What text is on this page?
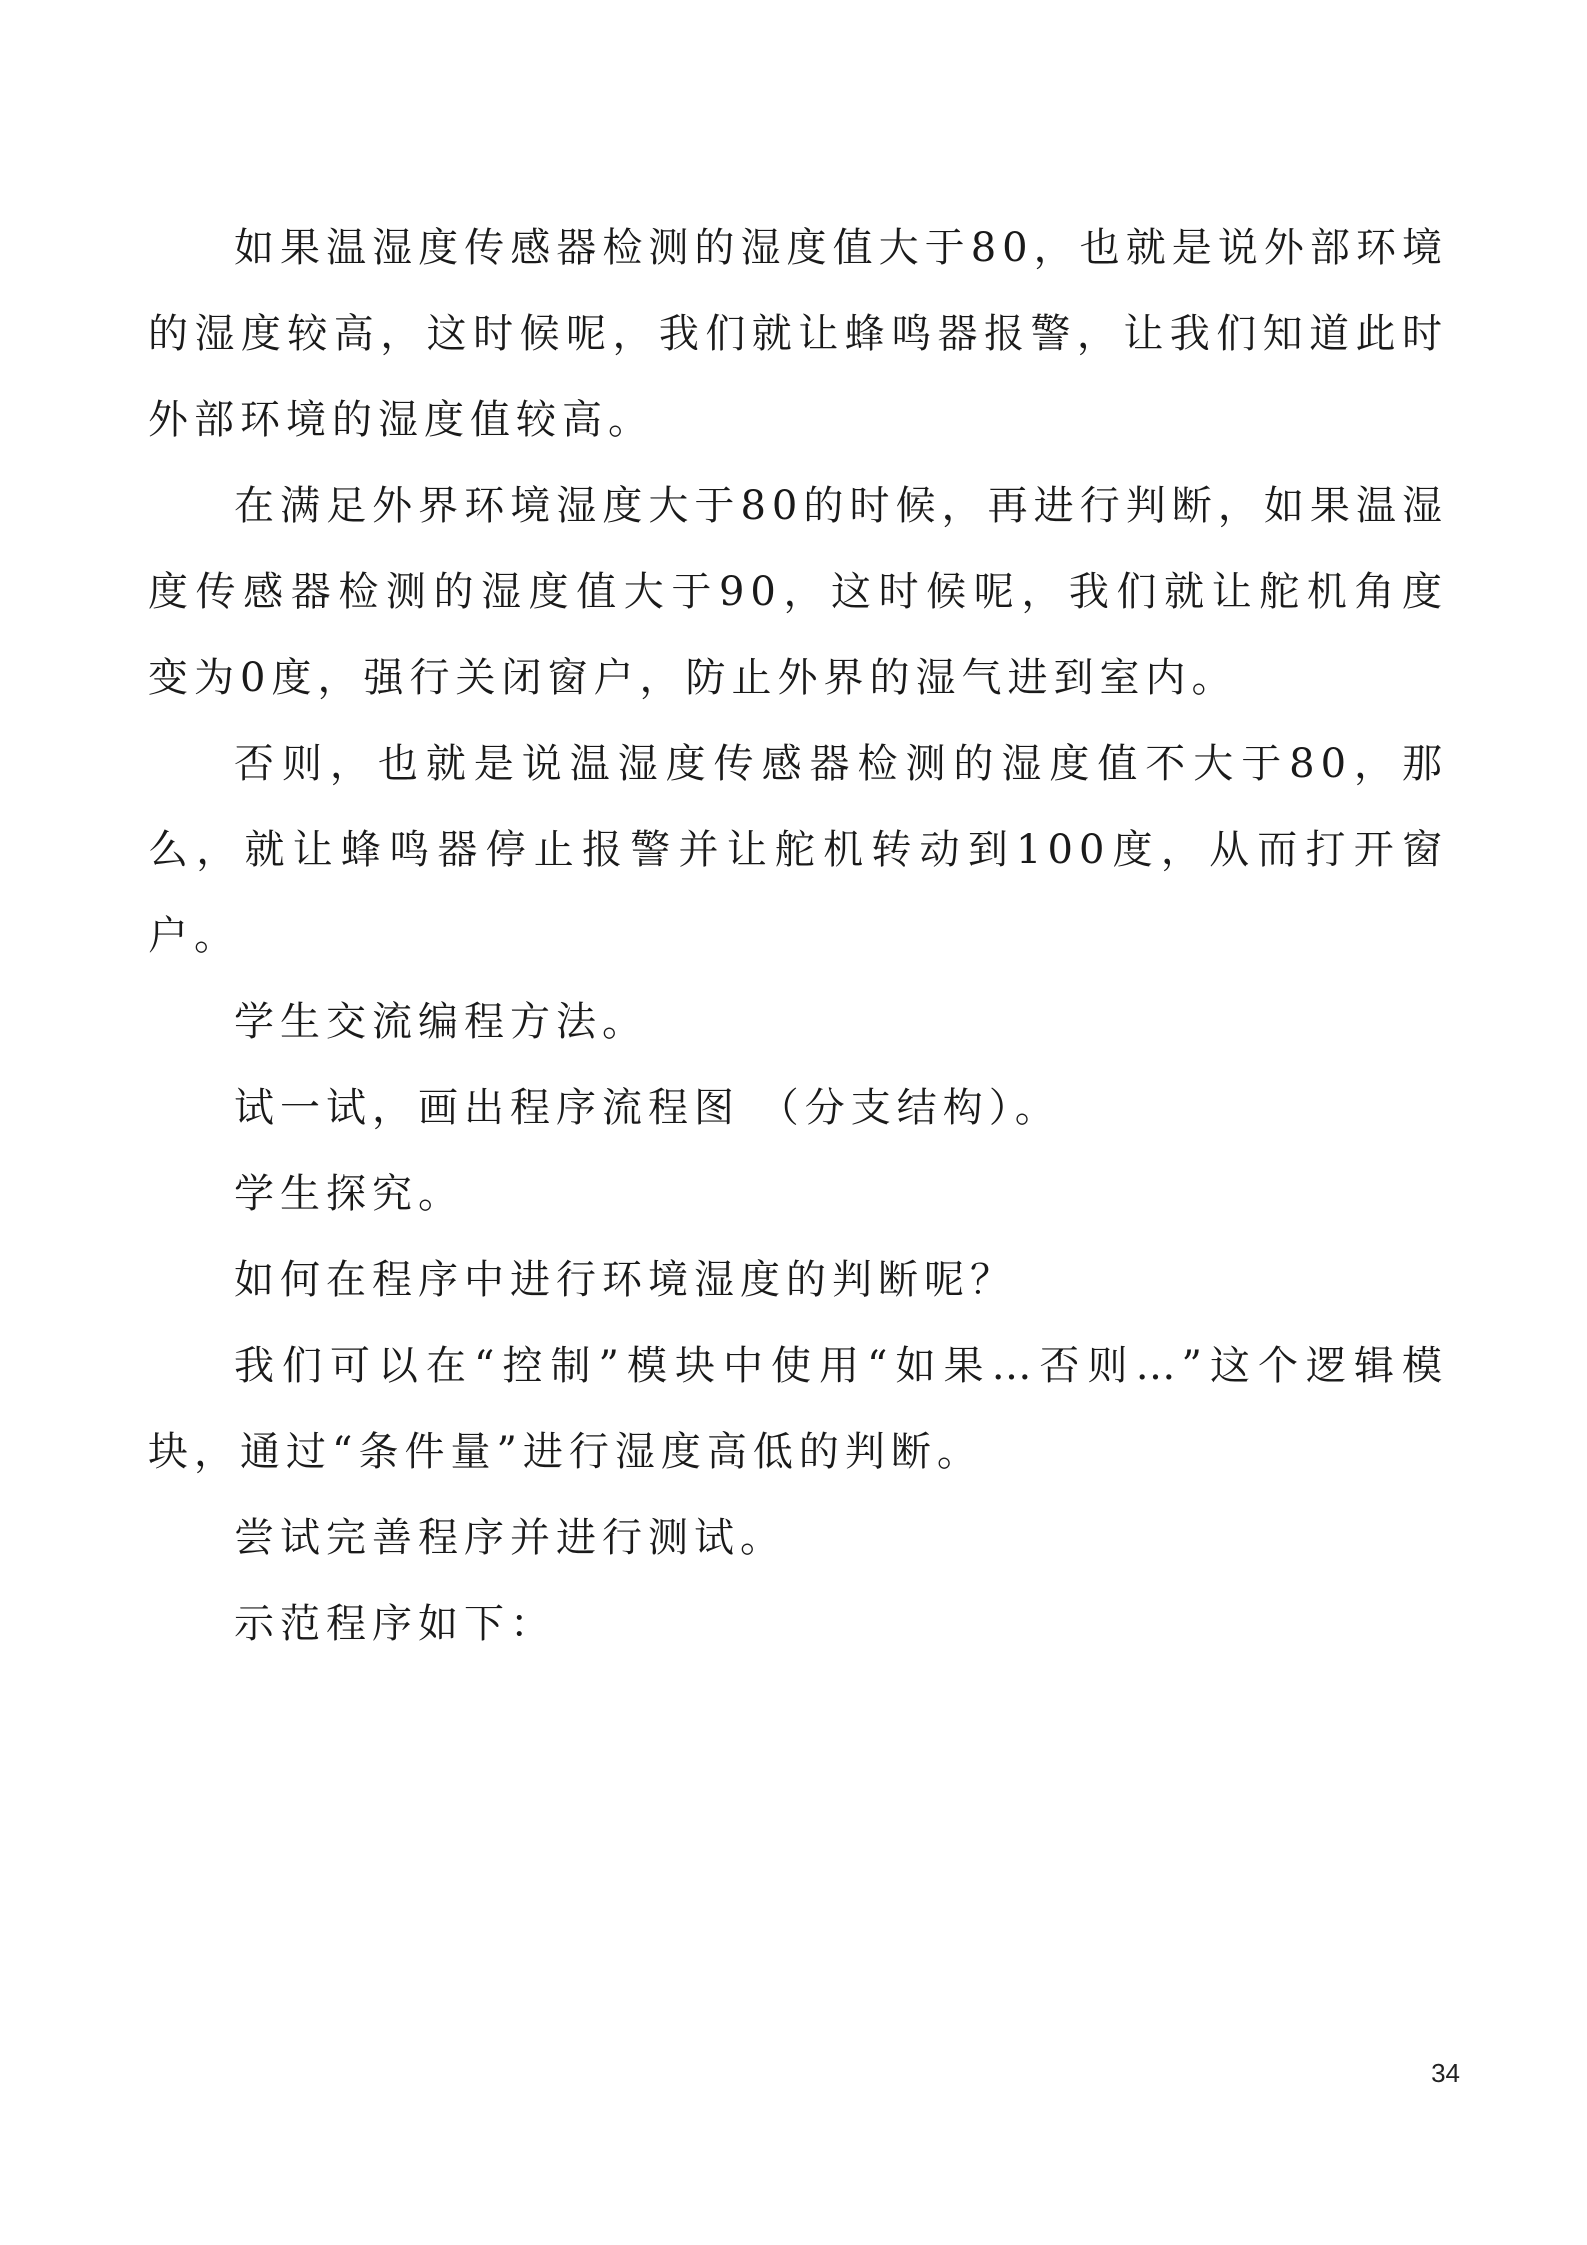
如果温湿度传感器检测的湿度值大于80，也就是说外部环境的湿度较高，这时候呢，我们就让蜂鸣器报警，让我们知道此时外部环境的湿度值较高。

在满足外界环境湿度大于80的时候，再进行判断，如果温湿度传感器检测的湿度值大于90，这时候呢，我们就让舵机角度变为0度，强行关闭窗户，防止外界的湿气进到室内。

否则，也就是说温湿度传感器检测的湿度值不大于80，那么，就让蜂鸣器停止报警并让舵机转动到100度，从而打开窗户。

学生交流编程方法。

试一试，画出程序流程图 （分支结构）。

学生探究。

如何在程序中进行环境湿度的判断呢？

我们可以在“控制”模块中使用“如果…否则…”这个逻辑模块，通过“条件量”进行湿度高低的判断。

尝试完善程序并进行测试。

示范程序如下：

34
